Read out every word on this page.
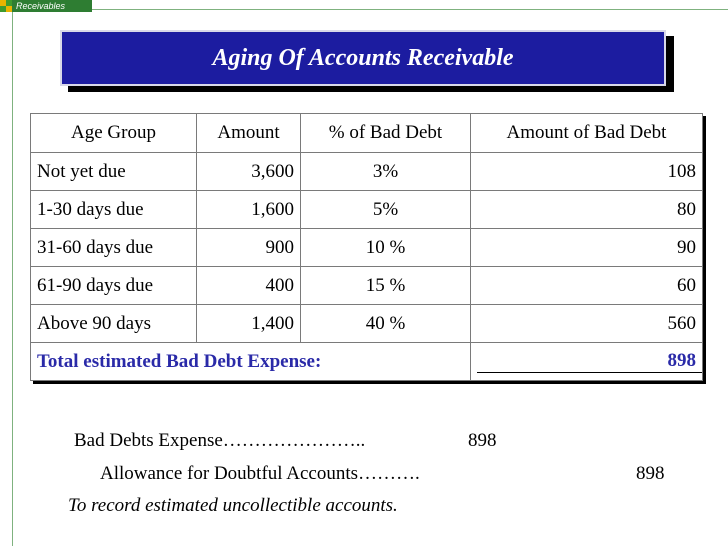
Receivables
Aging Of Accounts Receivable
Age Group	Amount	% of Bad Debt	Amount of Bad Debt
Not yet due	3,600	3%	108
1-30 days due	1,600	5%	80
31-60 days due	900	10 %	90
61-90 days due	400	15 %	60
Above 90 days	1,400	40 %	560
Total estimated Bad Debt Expense:			898
Bad Debts Expense…………………..	898
Allowance for Doubtful Accounts……….	898
To record estimated uncollectible accounts.
